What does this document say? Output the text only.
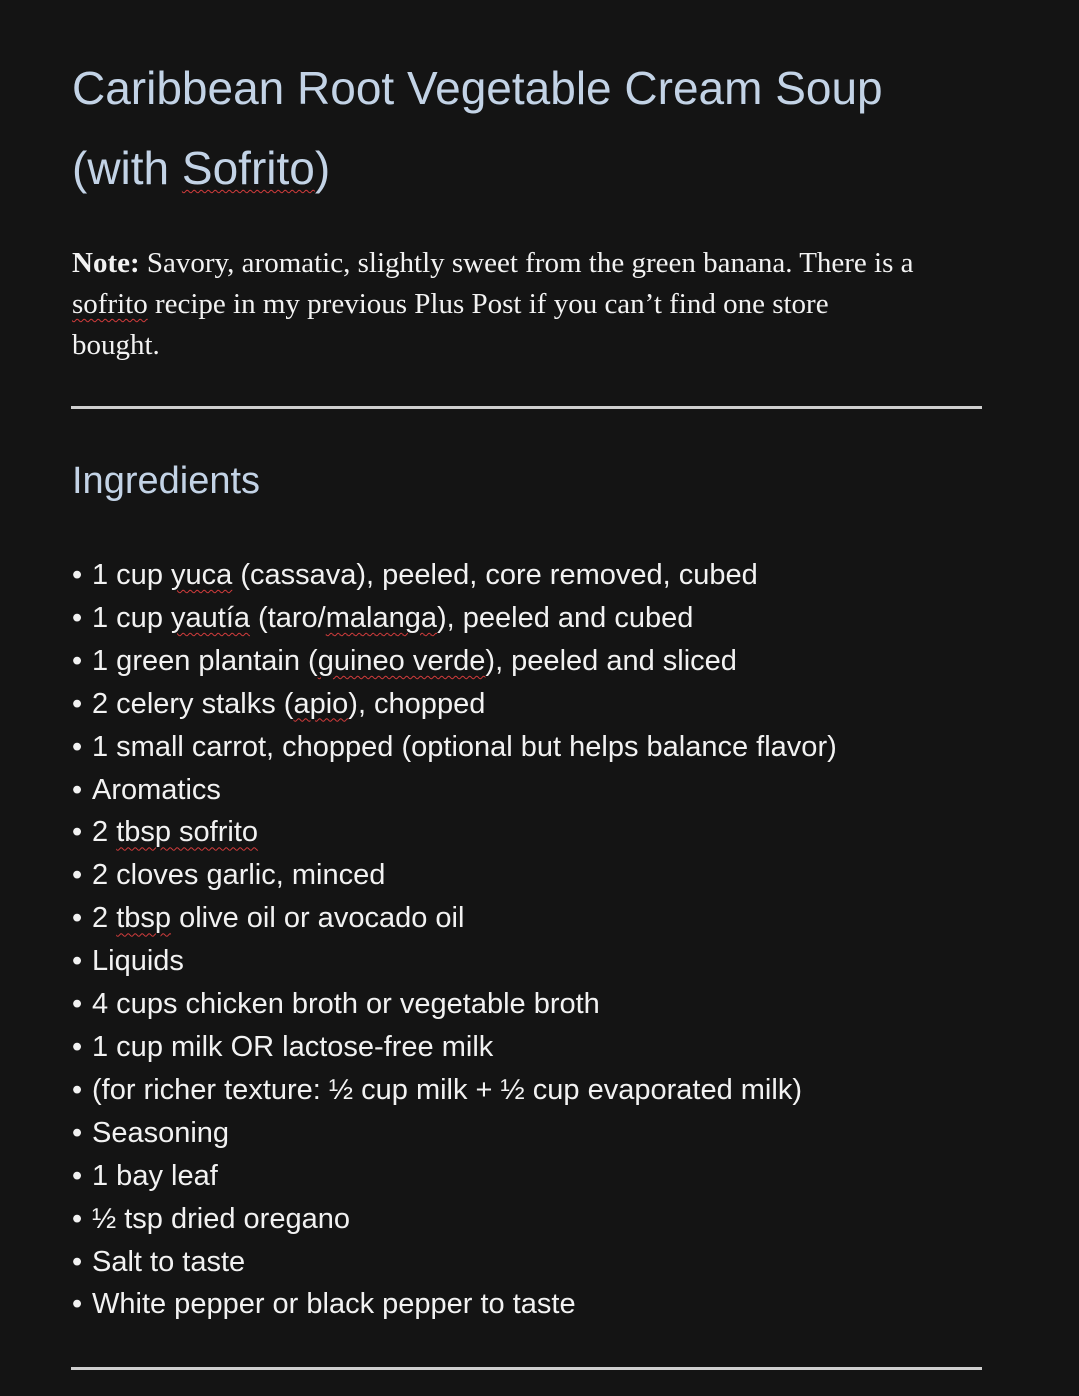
Caribbean Root Vegetable Cream Soup
(with Sofrito)

Note: Savory, aromatic, slightly sweet from the green banana. There is a
sofrito recipe in my previous Plus Post if you can’t find one store
bought.

Ingredients
• 1 cup yuca (cassava), peeled, core removed, cubed
• 1 cup yautía (taro/malanga), peeled and cubed
• 1 green plantain (guineo verde), peeled and sliced
• 2 celery stalks (apio), chopped
• 1 small carrot, chopped (optional but helps balance flavor)
• Aromatics
• 2 tbsp sofrito
• 2 cloves garlic, minced
• 2 tbsp olive oil or avocado oil
• Liquids
• 4 cups chicken broth or vegetable broth
• 1 cup milk OR lactose-free milk
• (for richer texture: ½ cup milk + ½ cup evaporated milk)
• Seasoning
• 1 bay leaf
• ½ tsp dried oregano
• Salt to taste
• White pepper or black pepper to taste
